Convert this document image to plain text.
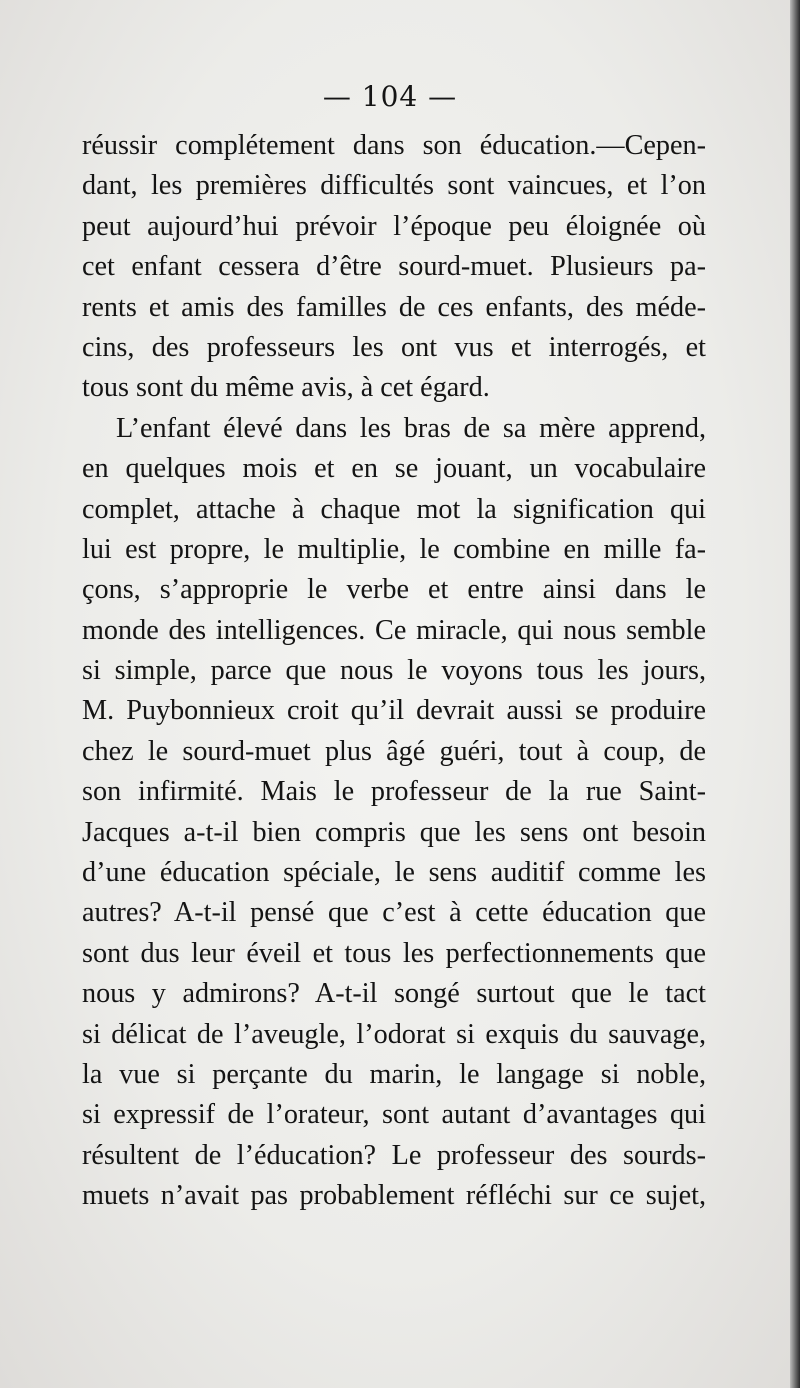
— 104 —
réussir complétement dans son éducation.—Cepen-
dant, les premières difficultés sont vaincues, et l’on
peut aujourd’hui prévoir l’époque peu éloignée où
cet enfant cessera d’être sourd-muet. Plusieurs pa-
rents et amis des familles de ces enfants, des méde-
cins, des professeurs les ont vus et interrogés, et
tous sont du même avis, à cet égard.
L’enfant élevé dans les bras de sa mère apprend,
en quelques mois et en se jouant, un vocabulaire
complet, attache à chaque mot la signification qui
lui est propre, le multiplie, le combine en mille fa-
çons, s’approprie le verbe et entre ainsi dans le
monde des intelligences. Ce miracle, qui nous semble
si simple, parce que nous le voyons tous les jours,
M. Puybonnieux croit qu’il devrait aussi se produire
chez le sourd-muet plus âgé guéri, tout à coup, de
son infirmité. Mais le professeur de la rue Saint-
Jacques a-t-il bien compris que les sens ont besoin
d’une éducation spéciale, le sens auditif comme les
autres? A-t-il pensé que c’est à cette éducation que
sont dus leur éveil et tous les perfectionnements que
nous y admirons? A-t-il songé surtout que le tact
si délicat de l’aveugle, l’odorat si exquis du sauvage,
la vue si perçante du marin, le langage si noble,
si expressif de l’orateur, sont autant d’avantages qui
résultent de l’éducation? Le professeur des sourds-
muets n’avait pas probablement réfléchi sur ce sujet,
